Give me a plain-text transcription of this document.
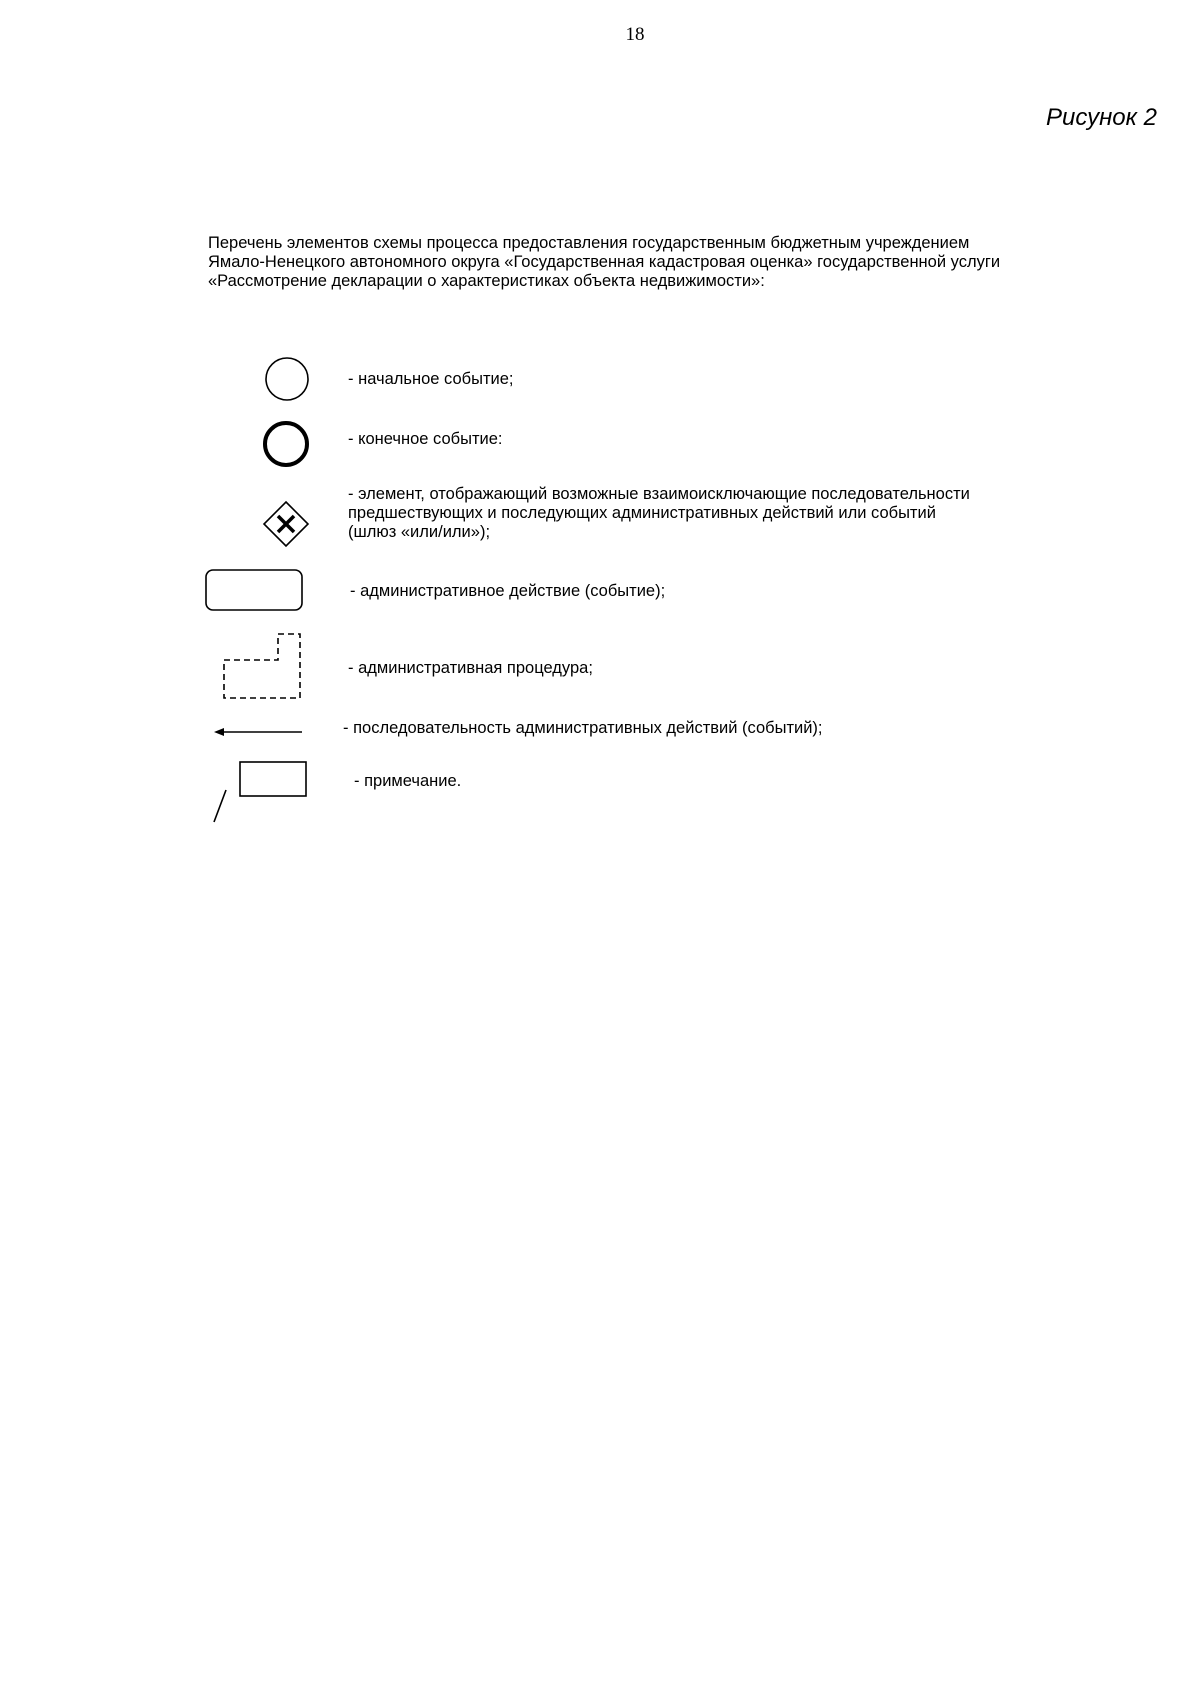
18
Рисунок 2
Перечень элементов схемы процесса предоставления государственным бюджетным учреждением
Ямало-Ненецкого автономного округа «Государственная кадастровая оценка» государственной услуги
«Рассмотрение декларации о характеристиках объекта недвижимости»:
- начальное событие;
- конечное событие:
- элемент, отображающий возможные взаимоисключающие последовательности
предшествующих и последующих административных действий или событий
(шлюз «или/или»);
- административное действие (событие);
- административная процедура;
- последовательность административных действий (событий);
- примечание.
